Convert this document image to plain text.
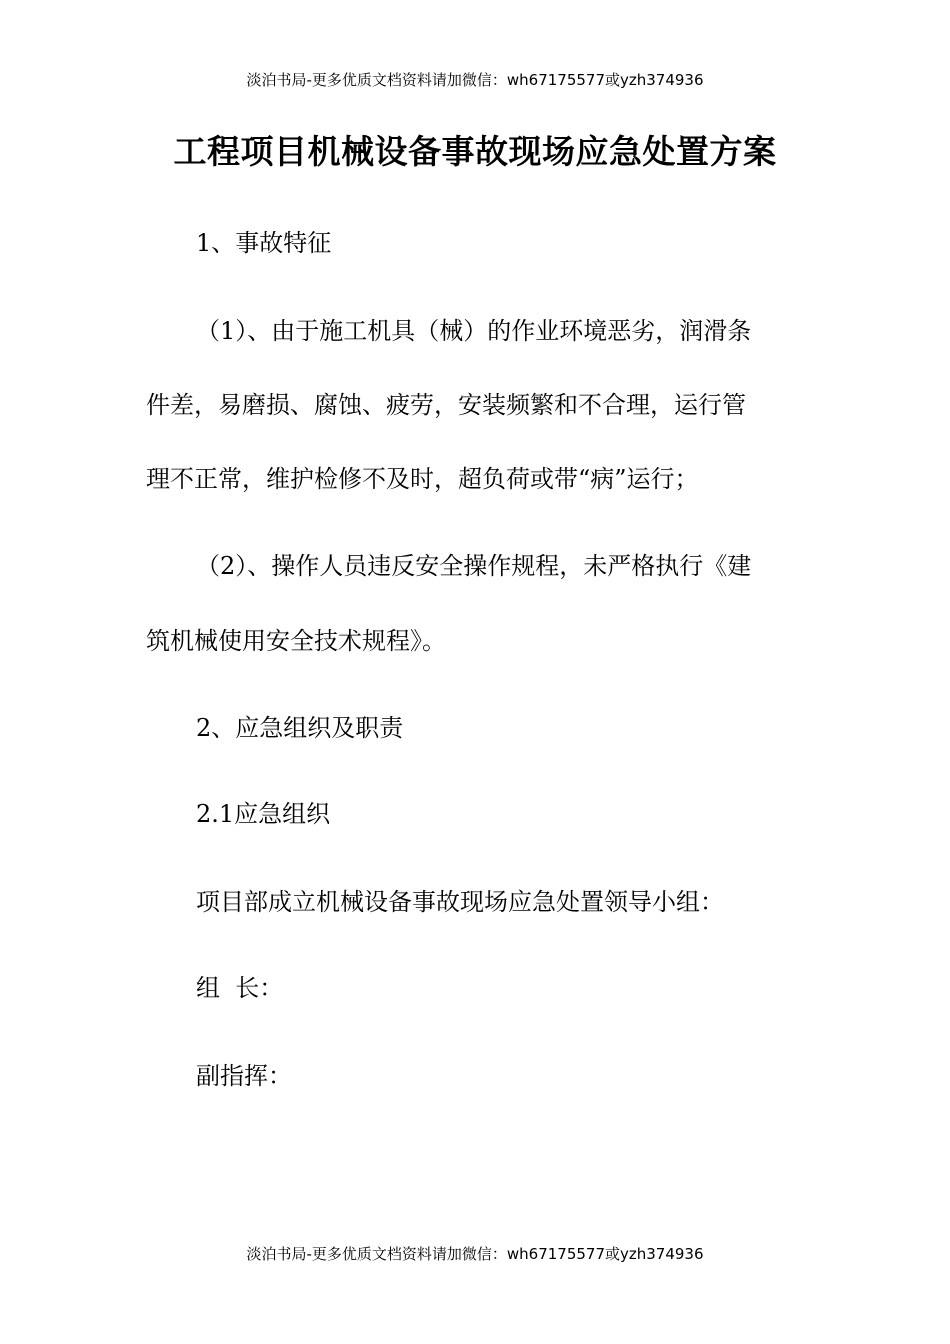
淡泊书局-更多优质文档资料请加微信：wh67175577或yzh374936
工程项目机械设备事故现场应急处置方案
1、事故特征
（1）、由于施工机具（械）的作业环境恶劣，润滑条
件差，易磨损、腐蚀、疲劳，安装频繁和不合理，运行管
理不正常，维护检修不及时，超负荷或带“病”运行；
（2）、操作人员违反安全操作规程，未严格执行《建
筑机械使用安全技术规程》。
2、应急组织及职责
2.1应急组织
项目部成立机械设备事故现场应急处置领导小组：
组  长：
副指挥：
淡泊书局-更多优质文档资料请加微信：wh67175577或yzh374936
